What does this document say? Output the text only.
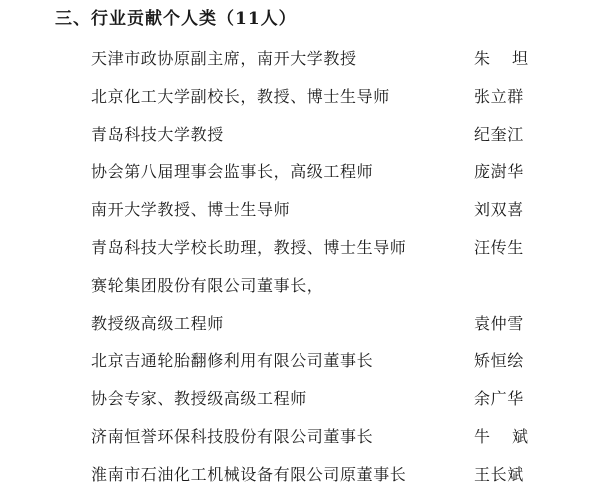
三、行业贡献个人类（11人）
天津市政协原副主席，南开大学教授	朱坦
北京化工大学副校长，教授、博士生导师	张立群
青岛科技大学教授	纪奎江
协会第八届理事会监事长，高级工程师	庞澍华
南开大学教授、博士生导师	刘双喜
青岛科技大学校长助理，教授、博士生导师	汪传生
赛轮集团股份有限公司董事长，
教授级高级工程师	袁仲雪
北京吉通轮胎翻修利用有限公司董事长	矫恒绘
协会专家、教授级高级工程师	余广华
济南恒誉环保科技股份有限公司董事长	牛斌
淮南市石油化工机械设备有限公司原董事长	王长斌
